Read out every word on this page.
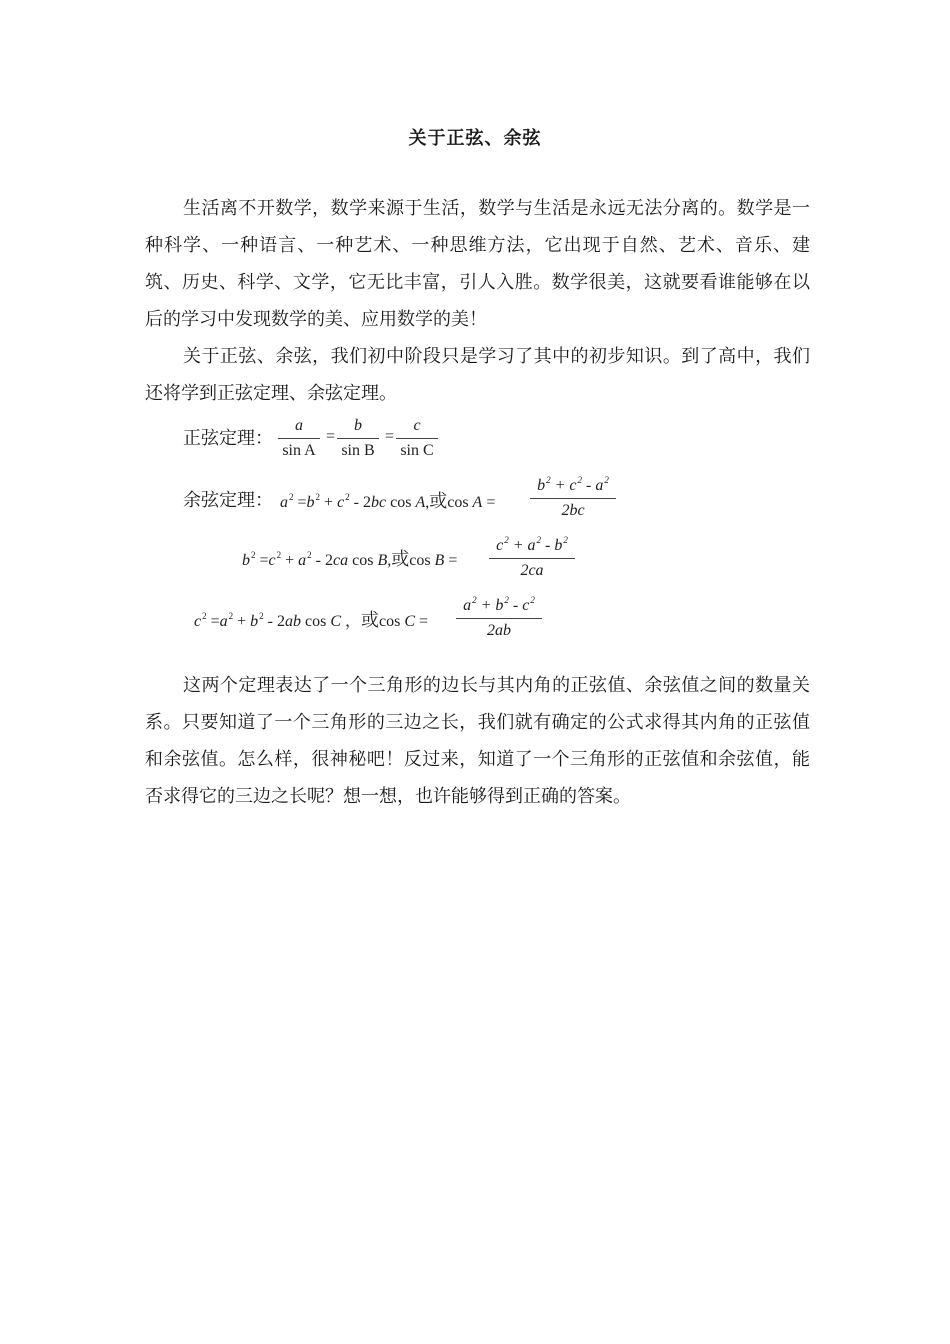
关于正弦、余弦
生活离不开数学，数学来源于生活，数学与生活是永远无法分离的。数学是一种科学、一种语言、一种艺术、一种思维方法，它出现于自然、艺术、音乐、建筑、历史、科学、文学，它无比丰富，引人入胜。数学很美，这就要看谁能够在以后的学习中发现数学的美、应用数学的美！
关于正弦、余弦，我们初中阶段只是学习了其中的初步知识。到了高中，我们还将学到正弦定理、余弦定理。
正弦定理：
a
sin A
=
b
sin B
=
c
sin C
余弦定理： $a^2 =b^2 + c^2 - 2bc$ cos A,或cos A =
$b^2 + c^2 - a^2$
2bc
$b^2 =c^2 + a^2 - 2ca$ cos B,或cos B =
$c^2 + a^2 - b^2$
2ca
$c^2 =a^2 + b^2 - 2ab$ cos C ，或cos C =
$a^2 + b^2 - c^2$
2ab
这两个定理表达了一个三角形的边长与其内角的正弦值、余弦值之间的数量关系。只要知道了一个三角形的三边之长，我们就有确定的公式求得其内角的正弦值和余弦值。怎么样，很神秘吧！反过来，知道了一个三角形的正弦值和余弦值，能否求得它的三边之长呢？想一想，也许能够得到正确的答案。
